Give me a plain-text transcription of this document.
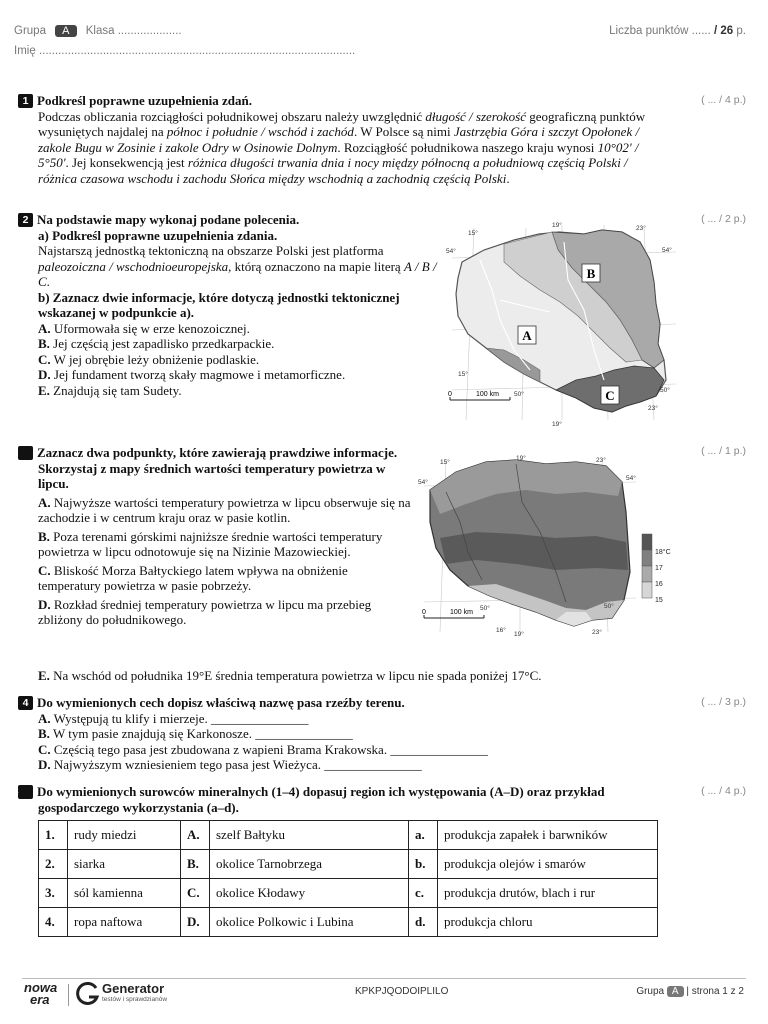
Grupa A Klasa ....................
Imię ...................................................................................................
Liczba punktów ...... / 26 p.
( ... / 4 p.)

1 Podkreśl poprawne uzupełnienia zdań.

Podczas obliczania rozciągłości południkowej obszaru należy uwzględnić długość / szerokość geograficzną punktów wysuniętych najdalej na północ i południe / wschód i zachód. W Polsce są nimi Jastrzębia Góra i szczyt Opołonek / zakole Bugu w Zosinie i zakole Odry w Osinowie Dolnym. Rozciągłość południkowa naszego kraju wynosi 10°02' / 5°50'. Jej konsekwencją jest różnica długości trwania dnia i nocy między północną a południową częścią Polski / różnica czasowa wschodu i zachodu Słońca między wschodnią a zachodnią częścią Polski.

( ... / 2 p.)

2 Na podstawie mapy wykonaj podane polecenia.

a) Podkreśl poprawne uzupełnienia zdania.

Najstarszą jednostką tektoniczną na obszarze Polski jest platforma paleozoiczna / wschodnioeuropejska, którą oznaczono na mapie literą A / B / C.

b) Zaznacz dwie informacje, które dotyczą jednostki tektonicznej wskazanej w podpunkcie a).

A. Uformowała się w erze kenozoicznej.

B. Jej częścią jest zapadlisko przedkarpackie.

C. W jej obrębie leży obniżenie podlaskie.

D. Jej fundament tworzą skały magmowe i metamorficzne.

E. Znajdują się tam Sudety.

B
A
C
15°
19°	23°
54°	54°
15°
50°
50°
19°
23°
0	100 km
( ... / 1 p.)

3 Zaznacz dwa podpunkty, które zawierają prawdziwe informacje. Skorzystaj z mapy średnich wartości temperatury powietrza w lipcu.

A. Najwyższe wartości temperatury powietrza w lipcu obserwuje się na zachodzie i w centrum kraju oraz w pasie kotlin.

B. Poza terenami górskimi najniższe średnie wartości temperatury powietrza w lipcu odnotowuje się na Nizinie Mazowieckiej.

C. Bliskość Morza Bałtyckiego latem wpływa na obniżenie temperatury powietrza w pasie pobrzeży.

D. Rozkład średniej temperatury powietrza w lipcu ma przebieg zbliżony do południkowego.

E. Na wschód od południka 19°E średnia temperatura powietrza w lipcu nie spada poniżej 17°C.

15°
19°	23°
54°
54°
50°	50°
19°
16°	23°
0	100 km
18°C
17
16
15
( ... / 3 p.)

4 Do wymienionych cech dopisz właściwą nazwę pasa rzeźby terenu.

A. Występują tu klify i mierzeje. _______________

B. W tym pasie znajdują się Karkonosze. _______________

C. Częścią tego pasa jest zbudowana z wapieni Brama Krakowska. _______________

D. Najwyższym wzniesieniem tego pasa jest Wieżyca. _______________

( ... / 4 p.)

5 Do wymienionych surowców mineralnych (1–4) dopasuj region ich występowania (A–D) oraz przykład gospodarczego wykorzystania (a–d).

1.	rudy miedzi	A.	szelf Bałtyku	a.	produkcja zapałek i barwników
2.	siarka	B.	okolice Tarnobrzega	b.	produkcja olejów i smarów
3.	sól kamienna	C.	okolice Kłodawy	c.	produkcja drutów, blach i rur
4.	ropa naftowa	D.	okolice Polkowic i Lubina	d.	produkcja chloru
nowa
era
Generator
testów i sprawdzianów
KPKPJQODOIPLILO	Grupa A | strona 1 z 2
